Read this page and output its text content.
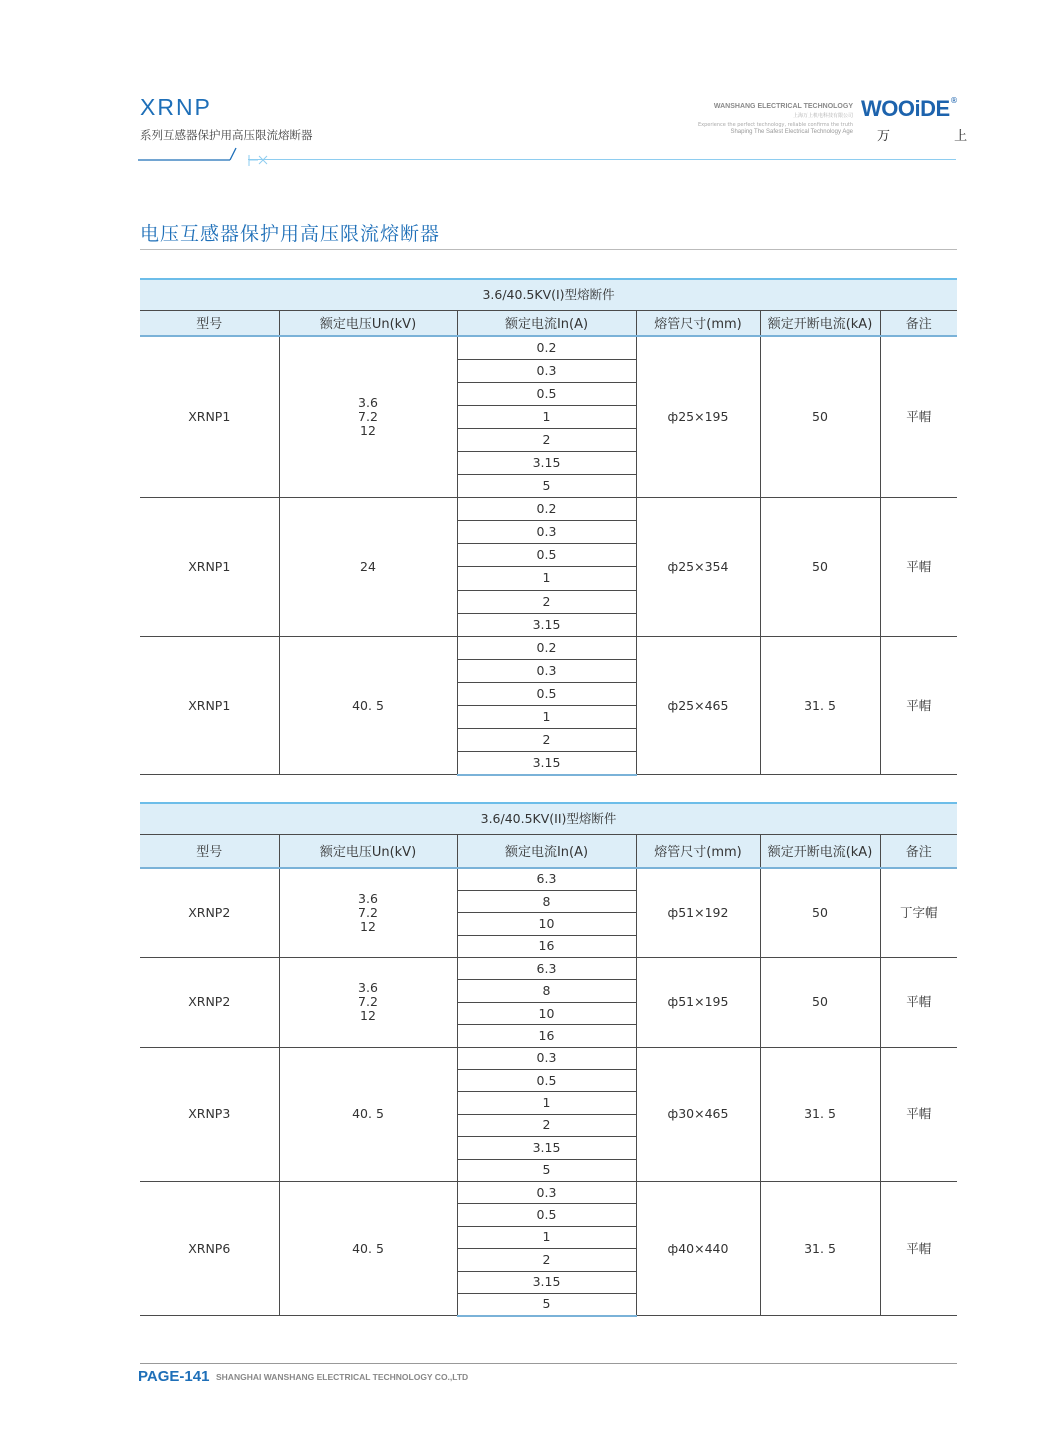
XRNP
系列互感器保护用高压限流熔断器
WANSHANG ELECTRICAL TECHNOLOGY
上海万上机电科技有限公司
Experience the perfect technology, reliable confirms the truth
Shaping The Safest Electrical Technology Age
WOOiDE ®
万 上
电压互感器保护用高压限流熔断器
3.6/40.5KV(I)型熔断件					
型号	额定电压Un(kV)	额定电流In(A)	熔管尺寸(mm)	额定开断电流(kA)	备注
XRNP1	3.6
7.2
12	0.2	ф25×195	50	平帽
		0.3			
		0.5			
		1			
		2			
		3.15			
		5			
XRNP1	24	0.2	ф25×354	50	平帽
		0.3			
		0.5			
		1			
		2			
		3.15			
XRNP1	40. 5	0.2	ф25×465	31. 5	平帽
		0.3			
		0.5			
		1			
		2			
		3.15			
3.6/40.5KV(II)型熔断件					
型号	额定电压Un(kV)	额定电流In(A)	熔管尺寸(mm)	额定开断电流(kA)	备注
XRNP2	3.6
7.2
12	6.3	ф51×192	50	丁字帽
		8			
		10			
		16			
XRNP2	3.6
7.2
12	6.3	ф51×195	50	平帽
		8			
		10			
		16			
XRNP3	40. 5	0.3	ф30×465	31. 5	平帽
		0.5			
		1			
		2			
		3.15			
		5			
XRNP6	40. 5	0.3	ф40×440	31. 5	平帽
		0.5			
		1			
		2			
		3.15			
		5			
PAGE-141 SHANGHAI WANSHANG ELECTRICAL TECHNOLOGY CO.,LTD
